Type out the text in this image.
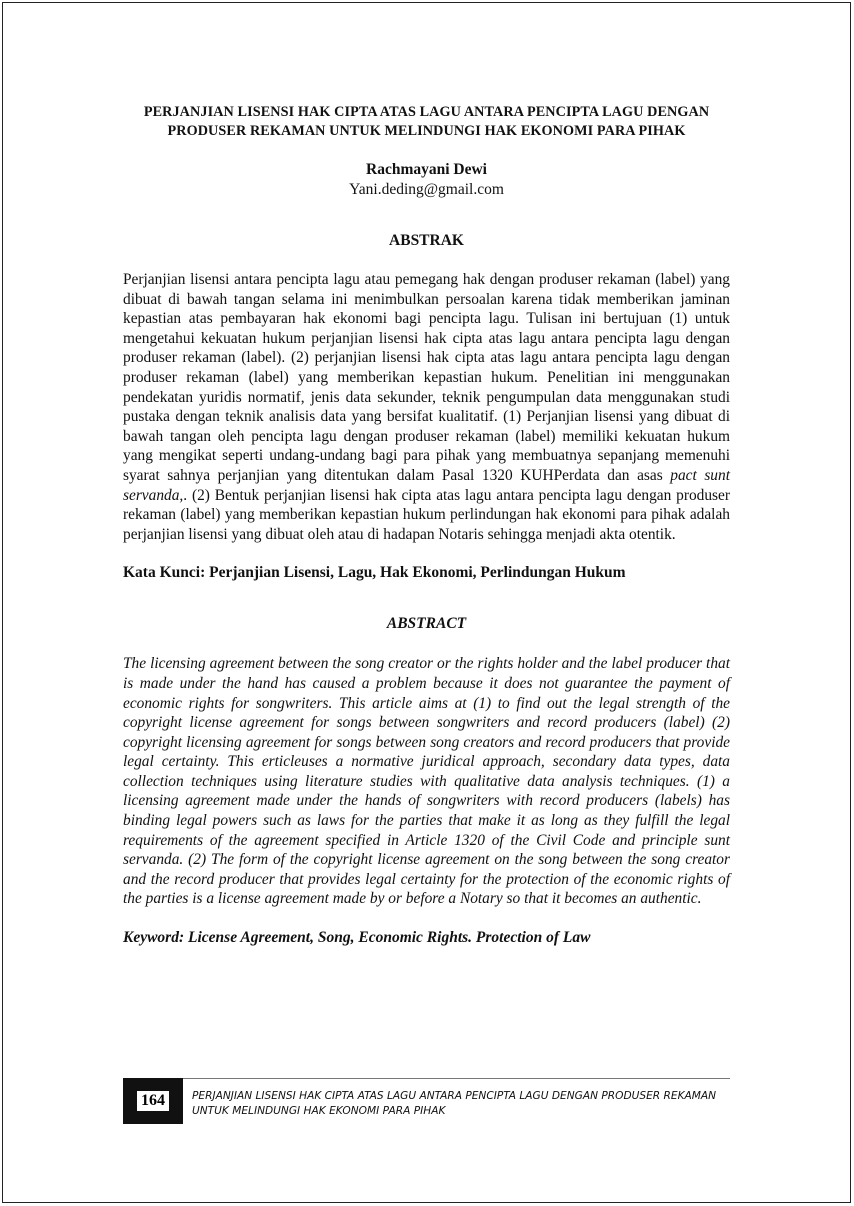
PERJANJIAN LISENSI HAK CIPTA ATAS LAGU ANTARA PENCIPTA LAGU DENGAN PRODUSER REKAMAN UNTUK MELINDUNGI HAK EKONOMI PARA PIHAK

Rachmayani Dewi

Yani.deding@gmail.com

ABSTRAK

Perjanjian lisensi antara pencipta lagu atau pemegang hak dengan produser rekaman (label) yang dibuat di bawah tangan selama ini menimbulkan persoalan karena tidak memberikan jaminan kepastian atas pembayaran hak ekonomi bagi pencipta lagu. Tulisan ini bertujuan (1) untuk mengetahui kekuatan hukum perjanjian lisensi hak cipta atas lagu antara pencipta lagu dengan produser rekaman (label). (2) perjanjian lisensi hak cipta atas lagu antara pencipta lagu dengan produser rekaman (label) yang memberikan kepastian hukum. Penelitian ini menggunakan pendekatan yuridis normatif, jenis data sekunder, teknik pengumpulan data menggunakan studi pustaka dengan teknik analisis data yang bersifat kualitatif. (1) Perjanjian lisensi yang dibuat di bawah tangan oleh pencipta lagu dengan produser rekaman (label) memiliki kekuatan hukum yang mengikat seperti undang-undang bagi para pihak yang membuatnya sepanjang memenuhi syarat sahnya perjanjian yang ditentukan dalam Pasal 1320 KUHPerdata dan asas pact sunt servanda,. (2) Bentuk perjanjian lisensi hak cipta atas lagu antara pencipta lagu dengan produser rekaman (label) yang memberikan kepastian hukum perlindungan hak ekonomi para pihak adalah perjanjian lisensi yang dibuat oleh atau di hadapan Notaris sehingga menjadi akta otentik.

Kata Kunci: Perjanjian Lisensi, Lagu, Hak Ekonomi, Perlindungan Hukum

ABSTRACT

The licensing agreement between the song creator or the rights holder and the label producer that is made under the hand has caused a problem because it does not guarantee the payment of economic rights for songwriters. This article aims at (1) to find out the legal strength of the copyright license agreement for songs between songwriters and record producers (label) (2) copyright licensing agreement for songs between song creators and record producers that provide legal certainty. This erticleuses a normative juridical approach, secondary data types, data collection techniques using literature studies with qualitative data analysis techniques. (1) a licensing agreement made under the hands of songwriters with record producers (labels) has binding legal powers such as laws for the parties that make it as long as they fulfill the legal requirements of the agreement specified in Article 1320 of the Civil Code and principle sunt servanda. (2) The form of the copyright license agreement on the song between the song creator and the record producer that provides legal certainty for the protection of the economic rights of the parties is a license agreement made by or before a Notary so that it becomes an authentic.

Keyword: License Agreement, Song, Economic Rights. Protection of Law

164	PERJANJIAN LISENSI HAK CIPTA ATAS LAGU ANTARA PENCIPTA LAGU DENGAN PRODUSER REKAMAN UNTUK MELINDUNGI HAK EKONOMI PARA PIHAK
